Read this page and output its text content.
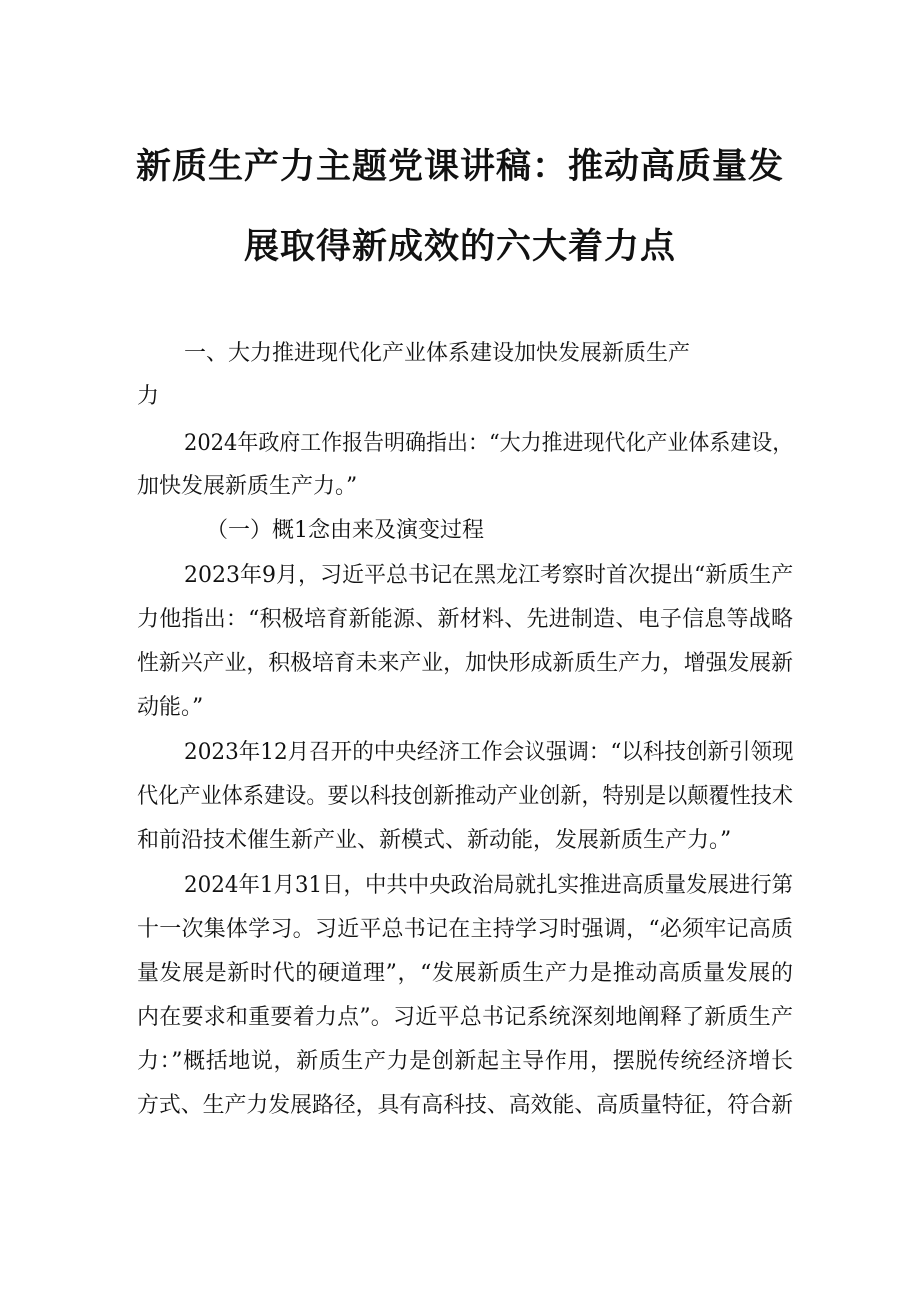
新质生产力主题党课讲稿：推动高质量发
展取得新成效的六大着力点
一、大力推进现代化产业体系建设加快发展新质生产
力
2024年政府工作报告明确指出：“大力推进现代化产业体系建设，
加快发展新质生产力。”
（一）概1念由来及演变过程
2023年9月，习近平总书记在黑龙江考察时首次提出“新质生产
力他指出：“积极培育新能源、新材料、先进制造、电子信息等战略
性新兴产业，积极培育未来产业，加快形成新质生产力，增强发展新
动能。”
2023年12月召开的中央经济工作会议强调：“以科技创新引领现
代化产业体系建设。要以科技创新推动产业创新，特别是以颠覆性技术
和前沿技术催生新产业、新模式、新动能，发展新质生产力。”
2024年1月31日，中共中央政治局就扎实推进高质量发展进行第
十一次集体学习。习近平总书记在主持学习时强调，“必须牢记高质
量发展是新时代的硬道理”，“发展新质生产力是推动高质量发展的
内在要求和重要着力点”。习近平总书记系统深刻地阐释了新质生产
力：”概括地说，新质生产力是创新起主导作用，摆脱传统经济增长
方式、生产力发展路径，具有高科技、高效能、高质量特征，符合新
